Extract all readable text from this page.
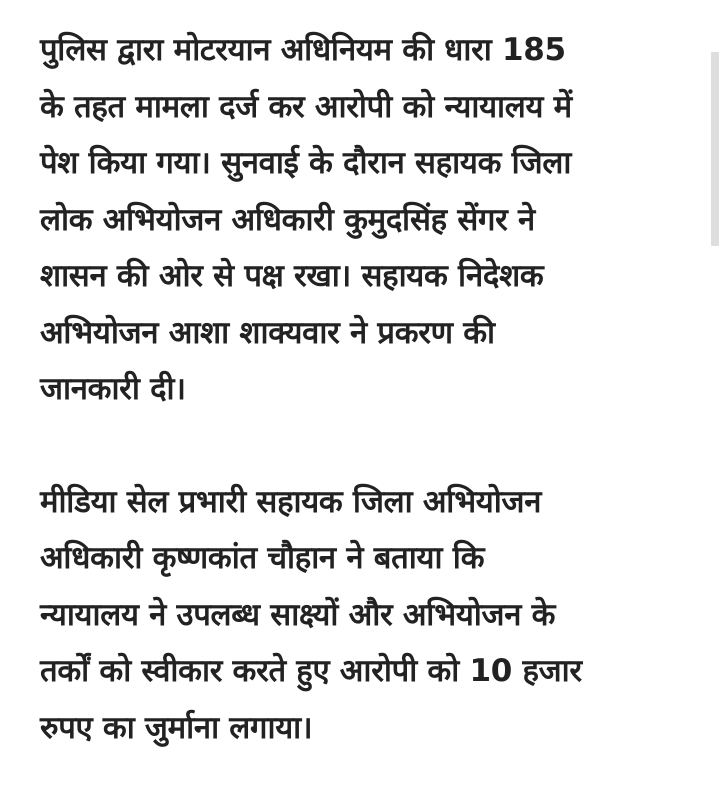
पुलिस द्वारा मोटरयान अधिनियम की धारा 185
के तहत मामला दर्ज कर आरोपी को न्यायालय में
पेश किया गया। सुनवाई के दौरान सहायक जिला
लोक अभियोजन अधिकारी कुमुदसिंह सेंगर ने
शासन की ओर से पक्ष रखा। सहायक निदेशक
अभियोजन आशा शाक्यवार ने प्रकरण की
जानकारी दी।

मीडिया सेल प्रभारी सहायक जिला अभियोजन
अधिकारी कृष्णकांत चौहान ने बताया कि
न्यायालय ने उपलब्ध साक्ष्यों और अभियोजन के
तर्कों को स्वीकार करते हुए आरोपी को 10 हजार
रुपए का जुर्माना लगाया।
